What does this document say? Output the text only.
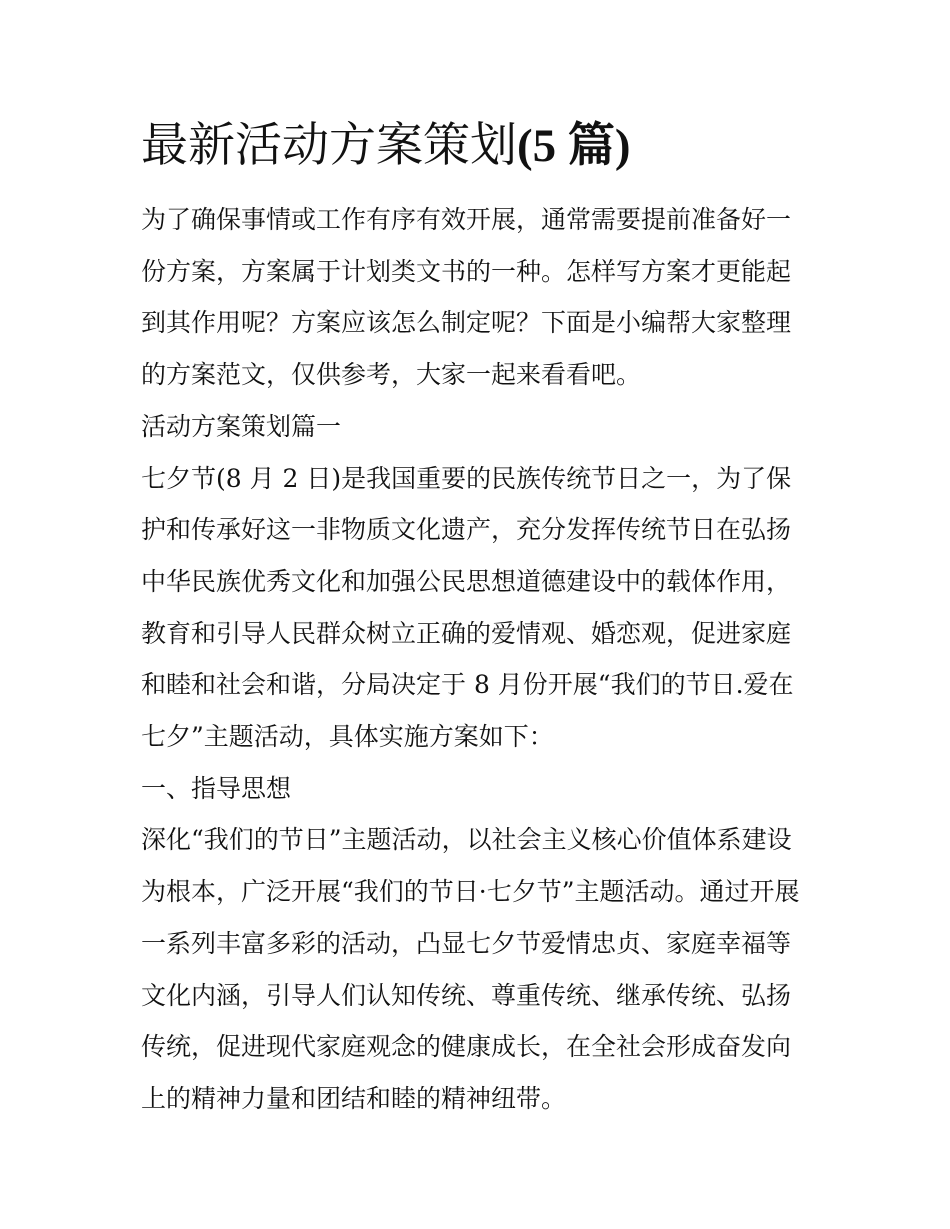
最新活动方案策划(5 篇)

为了确保事情或工作有序有效开展，通常需要提前准备好一份方案，方案属于计划类文书的一种。怎样写方案才更能起到其作用呢？方案应该怎么制定呢？下面是小编帮大家整理的方案范文，仅供参考，大家一起来看看吧。

活动方案策划篇一

七夕节(8 月 2 日)是我国重要的民族传统节日之一，为了保护和传承好这一非物质文化遗产，充分发挥传统节日在弘扬中华民族优秀文化和加强公民思想道德建设中的载体作用，教育和引导人民群众树立正确的爱情观、婚恋观，促进家庭和睦和社会和谐，分局决定于 8 月份开展“我们的节日.爱在七夕”主题活动，具体实施方案如下：

一、指导思想

深化“我们的节日”主题活动，以社会主义核心价值体系建设为根本，广泛开展“我们的节日·七夕节”主题活动。通过开展一系列丰富多彩的活动，凸显七夕节爱情忠贞、家庭幸福等文化内涵，引导人们认知传统、尊重传统、继承传统、弘扬传统，促进现代家庭观念的健康成长，在全社会形成奋发向上的精神力量和团结和睦的精神纽带。
